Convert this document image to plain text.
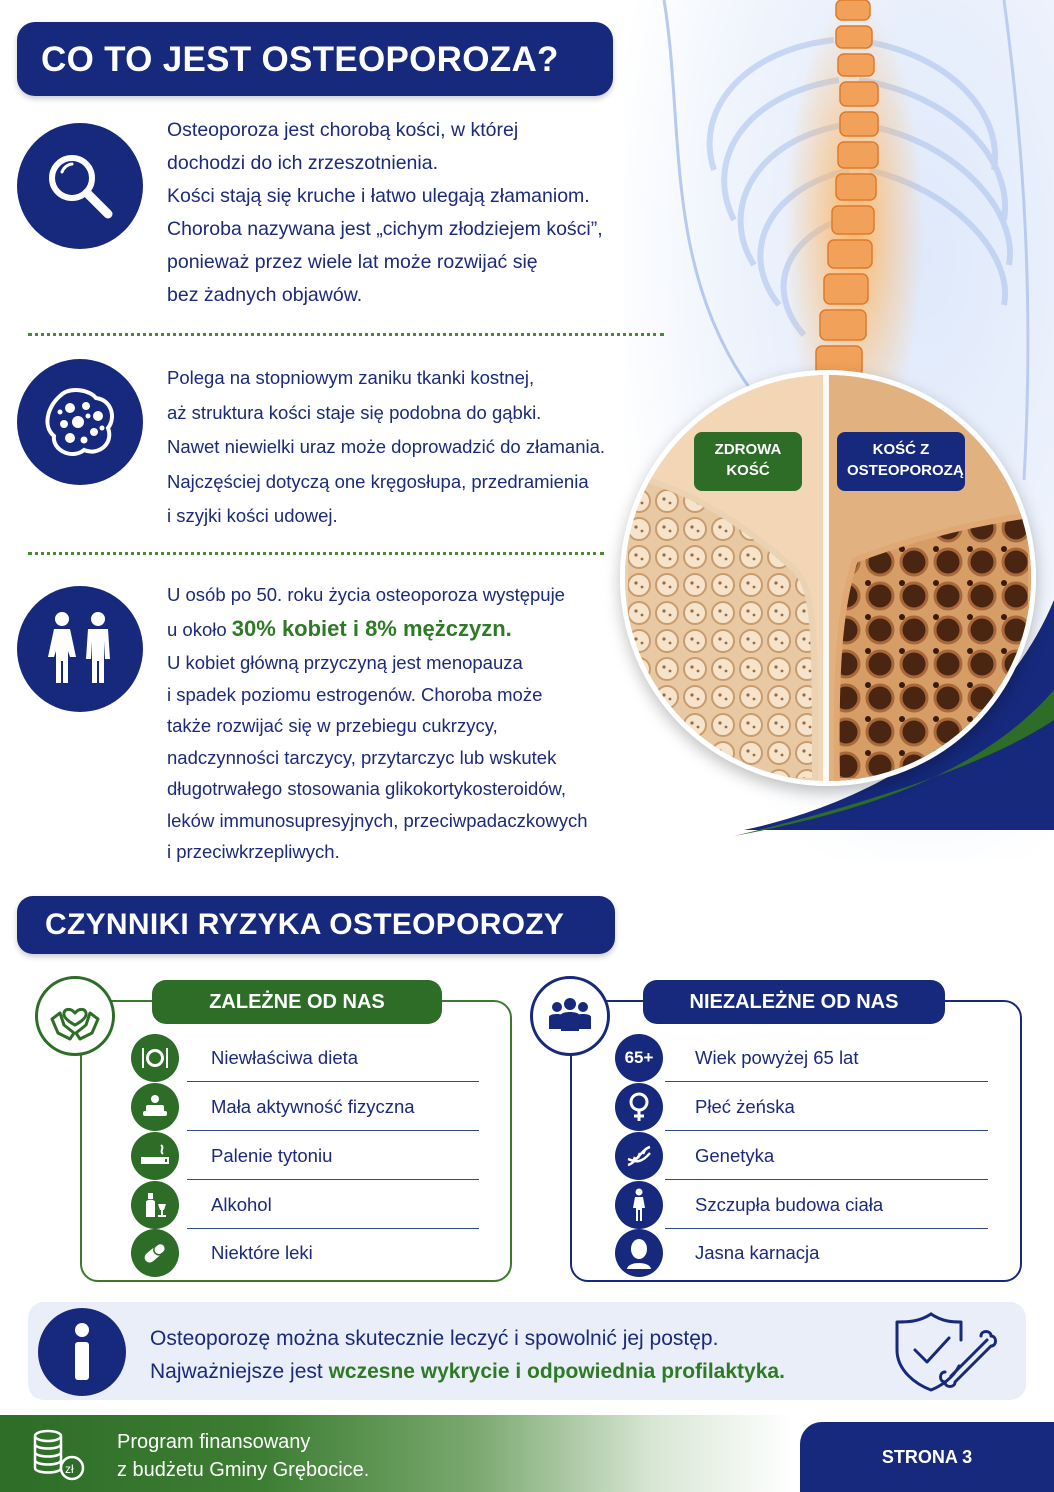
CO TO JEST OSTEOPOROZA?

Osteoporoza jest chorobą kości, w której

dochodzi do ich zrzeszotnienia.

Kości stają się kruche i łatwo ulegają złamaniom.

Choroba nazywana jest „cichym złodziejem kości”,

ponieważ przez wiele lat może rozwijać się

bez żadnych objawów.

Polega na stopniowym zaniku tkanki kostnej,

aż struktura kości staje się podobna do gąbki.

Nawet niewielki uraz może doprowadzić do złamania.

Najczęściej dotyczą one kręgosłupa, przedramienia

i szyjki kości udowej.

U osób po 50. roku życia osteoporoza występuje

u około 30% kobiet i 8% mężczyzn.

U kobiet główną przyczyną jest menopauza

i spadek poziomu estrogenów. Choroba może

także rozwijać się w przebiegu cukrzycy,

nadczynności tarczycy, przytarczyc lub wskutek

długotrwałego stosowania glikokortykosteroidów,

leków immunosupresyjnych, przeciwpadaczkowych

i przeciwkrzepliwych.

ZDROWA
KOŚĆ
KOŚĆ Z
OSTEOPOROZĄ
CZYNNIKI RYZYKA OSTEOPOROZY
ZALEŻNE OD NAS
Niewłaściwa dieta
Mała aktywność fizyczna
Palenie tytoniu
Alkohol
Niektóre leki
NIEZALEŻNE OD NAS
65+	Wiek powyżej 65 lat
Płeć żeńska
Genetyka
Szczupła budowa ciała
Jasna karnacja
Osteoporozę można skutecznie leczyć i spowolnić jej postęp.
Najważniejsze jest wczesne wykrycie i odpowiednia profilaktyka.
zł
Program finansowany
z budżetu Gminy Grębocice.
STRONA 3
